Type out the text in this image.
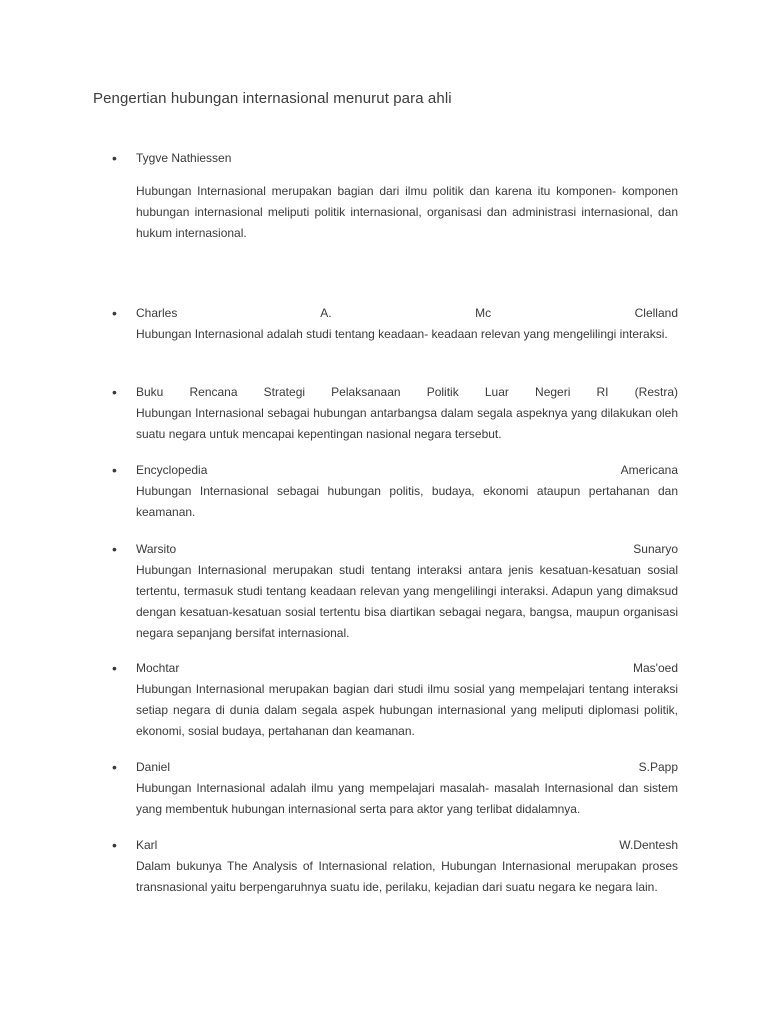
Pengertian hubungan internasional menurut para ahli
•	Tygve Nathiessen
Hubungan Internasional merupakan bagian dari ilmu politik dan karena itu komponen- komponen hubungan internasional meliputi politik internasional, organisasi dan administrasi internasional, dan hukum internasional.
•	Charles A. Mc Clelland
Hubungan Internasional adalah studi tentang keadaan- keadaan relevan yang mengelilingi interaksi.
•	Buku Rencana Strategi Pelaksanaan Politik Luar Negeri RI (Restra)
Hubungan Internasional sebagai hubungan antarbangsa dalam segala aspeknya yang dilakukan oleh suatu negara untuk mencapai kepentingan nasional negara tersebut.
•	Encyclopedia Americana
Hubungan Internasional sebagai hubungan politis, budaya, ekonomi ataupun pertahanan dan keamanan.
•	Warsito Sunaryo
Hubungan Internasional merupakan studi tentang interaksi antara jenis kesatuan-kesatuan sosial tertentu, termasuk studi tentang keadaan relevan yang mengelilingi interaksi. Adapun yang dimaksud dengan kesatuan-kesatuan sosial tertentu bisa diartikan sebagai negara, bangsa, maupun organisasi negara sepanjang bersifat internasional.
•	Mochtar Mas'oed
Hubungan Internasional merupakan bagian dari studi ilmu sosial yang mempelajari tentang interaksi setiap negara di dunia dalam segala aspek hubungan internasional yang meliputi diplomasi politik, ekonomi, sosial budaya, pertahanan dan keamanan.
•	Daniel S.Papp
Hubungan Internasional adalah ilmu yang mempelajari masalah- masalah Internasional dan sistem yang membentuk hubungan internasional serta para aktor yang terlibat didalamnya.
•	Karl W.Dentesh
Dalam bukunya The Analysis of Internasional relation, Hubungan Internasional merupakan proses transnasional yaitu berpengaruhnya suatu ide, perilaku, kejadian dari suatu negara ke negara lain.
